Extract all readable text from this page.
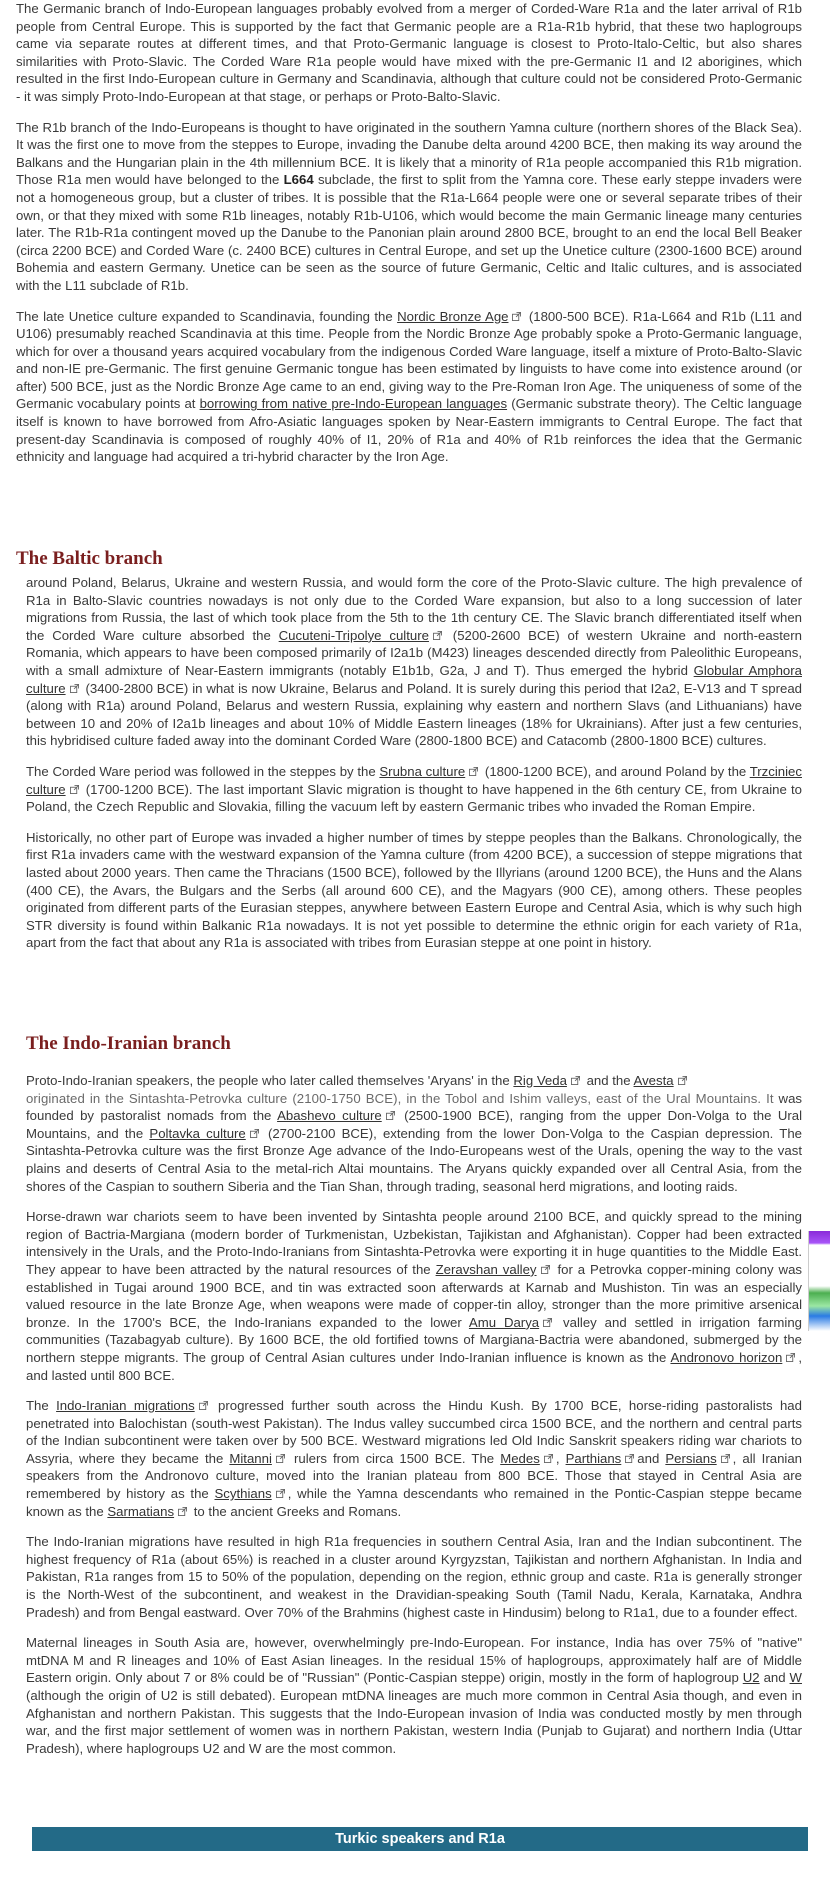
The Germanic branch of Indo-European languages probably evolved from a merger of Corded-Ware R1a and the later arrival of R1b people from Central Europe. This is supported by the fact that Germanic people are a R1a-R1b hybrid, that these two haplogroups came via separate routes at different times, and that Proto-Germanic language is closest to Proto-Italo-Celtic, but also shares similarities with Proto-Slavic. The Corded Ware R1a people would have mixed with the pre-Germanic I1 and I2 aborigines, which resulted in the first Indo-European culture in Germany and Scandinavia, although that culture could not be considered Proto-Germanic - it was simply Proto-Indo-European at that stage, or perhaps or Proto-Balto-Slavic.

The R1b branch of the Indo-Europeans is thought to have originated in the southern Yamna culture (northern shores of the Black Sea). It was the first one to move from the steppes to Europe, invading the Danube delta around 4200 BCE, then making its way around the Balkans and the Hungarian plain in the 4th millennium BCE. It is likely that a minority of R1a people accompanied this R1b migration. Those R1a men would have belonged to the L664 subclade, the first to split from the Yamna core. These early steppe invaders were not a homogeneous group, but a cluster of tribes. It is possible that the R1a-L664 people were one or several separate tribes of their own, or that they mixed with some R1b lineages, notably R1b-U106, which would become the main Germanic lineage many centuries later. The R1b-R1a contingent moved up the Danube to the Panonian plain around 2800 BCE, brought to an end the local Bell Beaker (circa 2200 BCE) and Corded Ware (c. 2400 BCE) cultures in Central Europe, and set up the Unetice culture (2300-1600 BCE) around Bohemia and eastern Germany. Unetice can be seen as the source of future Germanic, Celtic and Italic cultures, and is associated with the L11 subclade of R1b.

The late Unetice culture expanded to Scandinavia, founding the Nordic Bronze Age (1800-500 BCE). R1a-L664 and R1b (L11 and U106) presumably reached Scandinavia at this time. People from the Nordic Bronze Age probably spoke a Proto-Germanic language, which for over a thousand years acquired vocabulary from the indigenous Corded Ware language, itself a mixture of Proto-Balto-Slavic and non-IE pre-Germanic. The first genuine Germanic tongue has been estimated by linguists to have come into existence around (or after) 500 BCE, just as the Nordic Bronze Age came to an end, giving way to the Pre-Roman Iron Age. The uniqueness of some of the Germanic vocabulary points at borrowing from native pre-Indo-European languages (Germanic substrate theory). The Celtic language itself is known to have borrowed from Afro-Asiatic languages spoken by Near-Eastern immigrants to Central Europe. The fact that present-day Scandinavia is composed of roughly 40% of I1, 20% of R1a and 40% of R1b reinforces the idea that the Germanic ethnicity and language had acquired a tri-hybrid character by the Iron Age.

The Baltic branch

around Poland, Belarus, Ukraine and western Russia, and would form the core of the Proto-Slavic culture. The high prevalence of R1a in Balto-Slavic countries nowadays is not only due to the Corded Ware expansion, but also to a long succession of later migrations from Russia, the last of which took place from the 5th to the 1th century CE. The Slavic branch differentiated itself when the Corded Ware culture absorbed the Cucuteni-Tripolye culture (5200-2600 BCE) of western Ukraine and north-eastern Romania, which appears to have been composed primarily of I2a1b (M423) lineages descended directly from Paleolithic Europeans, with a small admixture of Near-Eastern immigrants (notably E1b1b, G2a, J and T). Thus emerged the hybrid Globular Amphora culture (3400-2800 BCE) in what is now Ukraine, Belarus and Poland. It is surely during this period that I2a2, E-V13 and T spread (along with R1a) around Poland, Belarus and western Russia, explaining why eastern and northern Slavs (and Lithuanians) have between 10 and 20% of I2a1b lineages and about 10% of Middle Eastern lineages (18% for Ukrainians). After just a few centuries, this hybridised culture faded away into the dominant Corded Ware (2800-1800 BCE) and Catacomb (2800-1800 BCE) cultures.

The Corded Ware period was followed in the steppes by the Srubna culture (1800-1200 BCE), and around Poland by the Trzciniec culture (1700-1200 BCE). The last important Slavic migration is thought to have happened in the 6th century CE, from Ukraine to Poland, the Czech Republic and Slovakia, filling the vacuum left by eastern Germanic tribes who invaded the Roman Empire.

Historically, no other part of Europe was invaded a higher number of times by steppe peoples than the Balkans. Chronologically, the first R1a invaders came with the westward expansion of the Yamna culture (from 4200 BCE), a succession of steppe migrations that lasted about 2000 years. Then came the Thracians (1500 BCE), followed by the Illyrians (around 1200 BCE), the Huns and the Alans (400 CE), the Avars, the Bulgars and the Serbs (all around 600 CE), and the Magyars (900 CE), among others. These peoples originated from different parts of the Eurasian steppes, anywhere between Eastern Europe and Central Asia, which is why such high STR diversity is found within Balkanic R1a nowadays. It is not yet possible to determine the ethnic origin for each variety of R1a, apart from the fact that about any R1a is associated with tribes from Eurasian steppe at one point in history.

The Indo-Iranian branch

Proto-Indo-Iranian speakers, the people who later called themselves 'Aryans' in the Rig Veda and the Avesta
originated in the Sintashta-Petrovka culture (2100-1750 BCE), in the Tobol and Ishim valleys, east of the Ural Mountains. It was founded by pastoralist nomads from the Abashevo culture (2500-1900 BCE), ranging from the upper Don-Volga to the Ural Mountains, and the Poltavka culture (2700-2100 BCE), extending from the lower Don-Volga to the Caspian depression. The Sintashta-Petrovka culture was the first Bronze Age advance of the Indo-Europeans west of the Urals, opening the way to the vast plains and deserts of Central Asia to the metal-rich Altai mountains. The Aryans quickly expanded over all Central Asia, from the shores of the Caspian to southern Siberia and the Tian Shan, through trading, seasonal herd migrations, and looting raids.

Horse-drawn war chariots seem to have been invented by Sintashta people around 2100 BCE, and quickly spread to the mining region of Bactria-Margiana (modern border of Turkmenistan, Uzbekistan, Tajikistan and Afghanistan). Copper had been extracted intensively in the Urals, and the Proto-Indo-Iranians from Sintashta-Petrovka were exporting it in huge quantities to the Middle East. They appear to have been attracted by the natural resources of the Zeravshan valley for a Petrovka copper-mining colony was established in Tugai around 1900 BCE, and tin was extracted soon afterwards at Karnab and Mushiston. Tin was an especially valued resource in the late Bronze Age, when weapons were made of copper-tin alloy, stronger than the more primitive arsenical bronze. In the 1700's BCE, the Indo-Iranians expanded to the lower Amu Darya valley and settled in irrigation farming communities (Tazabagyab culture). By 1600 BCE, the old fortified towns of Margiana-Bactria were abandoned, submerged by the northern steppe migrants. The group of Central Asian cultures under Indo-Iranian influence is known as the Andronovo horizon , and lasted until 800 BCE.

The Indo-Iranian migrations progressed further south across the Hindu Kush. By 1700 BCE, horse-riding pastoralists had penetrated into Balochistan (south-west Pakistan). The Indus valley succumbed circa 1500 BCE, and the northern and central parts of the Indian subcontinent were taken over by 500 BCE. Westward migrations led Old Indic Sanskrit speakers riding war chariots to Assyria, where they became the Mitanni rulers from circa 1500 BCE. The Medes , Parthians and Persians , all Iranian speakers from the Andronovo culture, moved into the Iranian plateau from 800 BCE. Those that stayed in Central Asia are remembered by history as the Scythians , while the Yamna descendants who remained in the Pontic-Caspian steppe became known as the Sarmatians to the ancient Greeks and Romans.

The Indo-Iranian migrations have resulted in high R1a frequencies in southern Central Asia, Iran and the Indian subcontinent. The highest frequency of R1a (about 65%) is reached in a cluster around Kyrgyzstan, Tajikistan and northern Afghanistan. In India and Pakistan, R1a ranges from 15 to 50% of the population, depending on the region, ethnic group and caste. R1a is generally stronger is the North-West of the subcontinent, and weakest in the Dravidian-speaking South (Tamil Nadu, Kerala, Karnataka, Andhra Pradesh) and from Bengal eastward. Over 70% of the Brahmins (highest caste in Hindusim) belong to R1a1, due to a founder effect.

Maternal lineages in South Asia are, however, overwhelmingly pre-Indo-European. For instance, India has over 75% of "native" mtDNA M and R lineages and 10% of East Asian lineages. In the residual 15% of haplogroups, approximately half are of Middle Eastern origin. Only about 7 or 8% could be of "Russian" (Pontic-Caspian steppe) origin, mostly in the form of haplogroup U2 and W (although the origin of U2 is still debated). European mtDNA lineages are much more common in Central Asia though, and even in Afghanistan and northern Pakistan. This suggests that the Indo-European invasion of India was conducted mostly by men through war, and the first major settlement of women was in northern Pakistan, western India (Punjab to Gujarat) and northern India (Uttar Pradesh), where haplogroups U2 and W are the most common.

Turkic speakers and R1a
